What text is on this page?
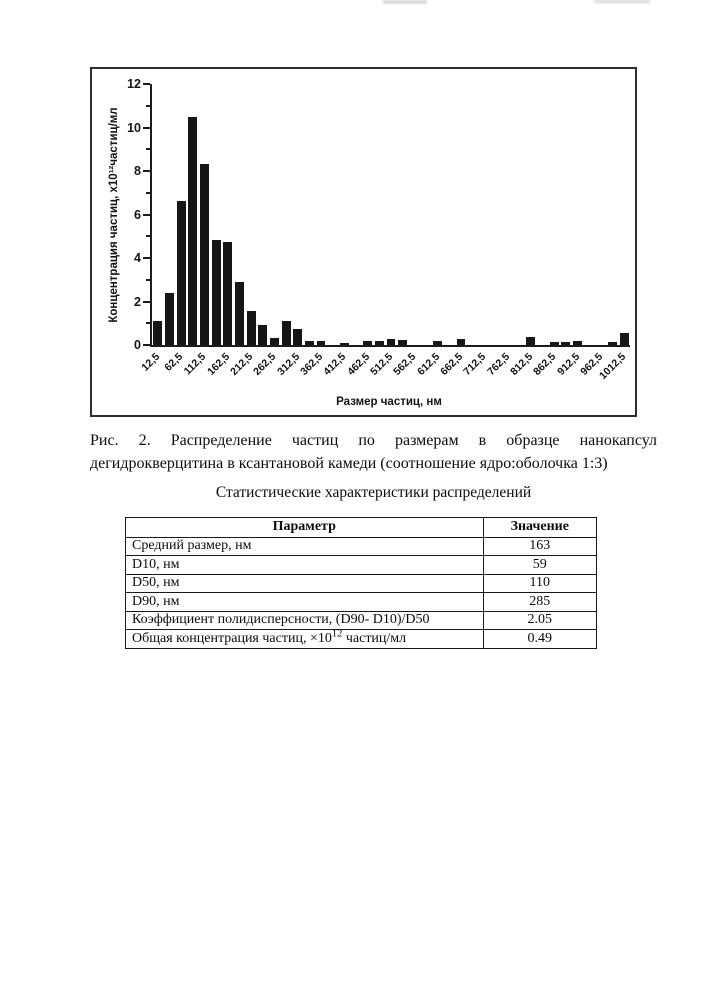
Концентрация частиц, х10¹²частиц/мл
0
2
4
6
8
10
12
12,5 62,5
112,5
162,5
212,5
262,5
312,5
362,5
412,5
462,5
512,5
562,5
612,5
662,5
712,5
762,5
812,5
862,5
912,5
962,5
1012,5
Размер частиц, нм
Рис. 2. Распределение частиц по размерам в образце нанокапсул
дегидрокверцитина в ксантановой камеди (соотношение ядро:оболочка 1:3)
Статистические характеристики распределений
Параметр	Значение
Средний размер, нм	163
D10, нм	59
D50, нм	110
D90, нм	285
Коэффициент полидисперсности, (D90- D10)/D50	2.05
Общая концентрация частиц, $\times 10^{12}$ частиц/мл	0.49
